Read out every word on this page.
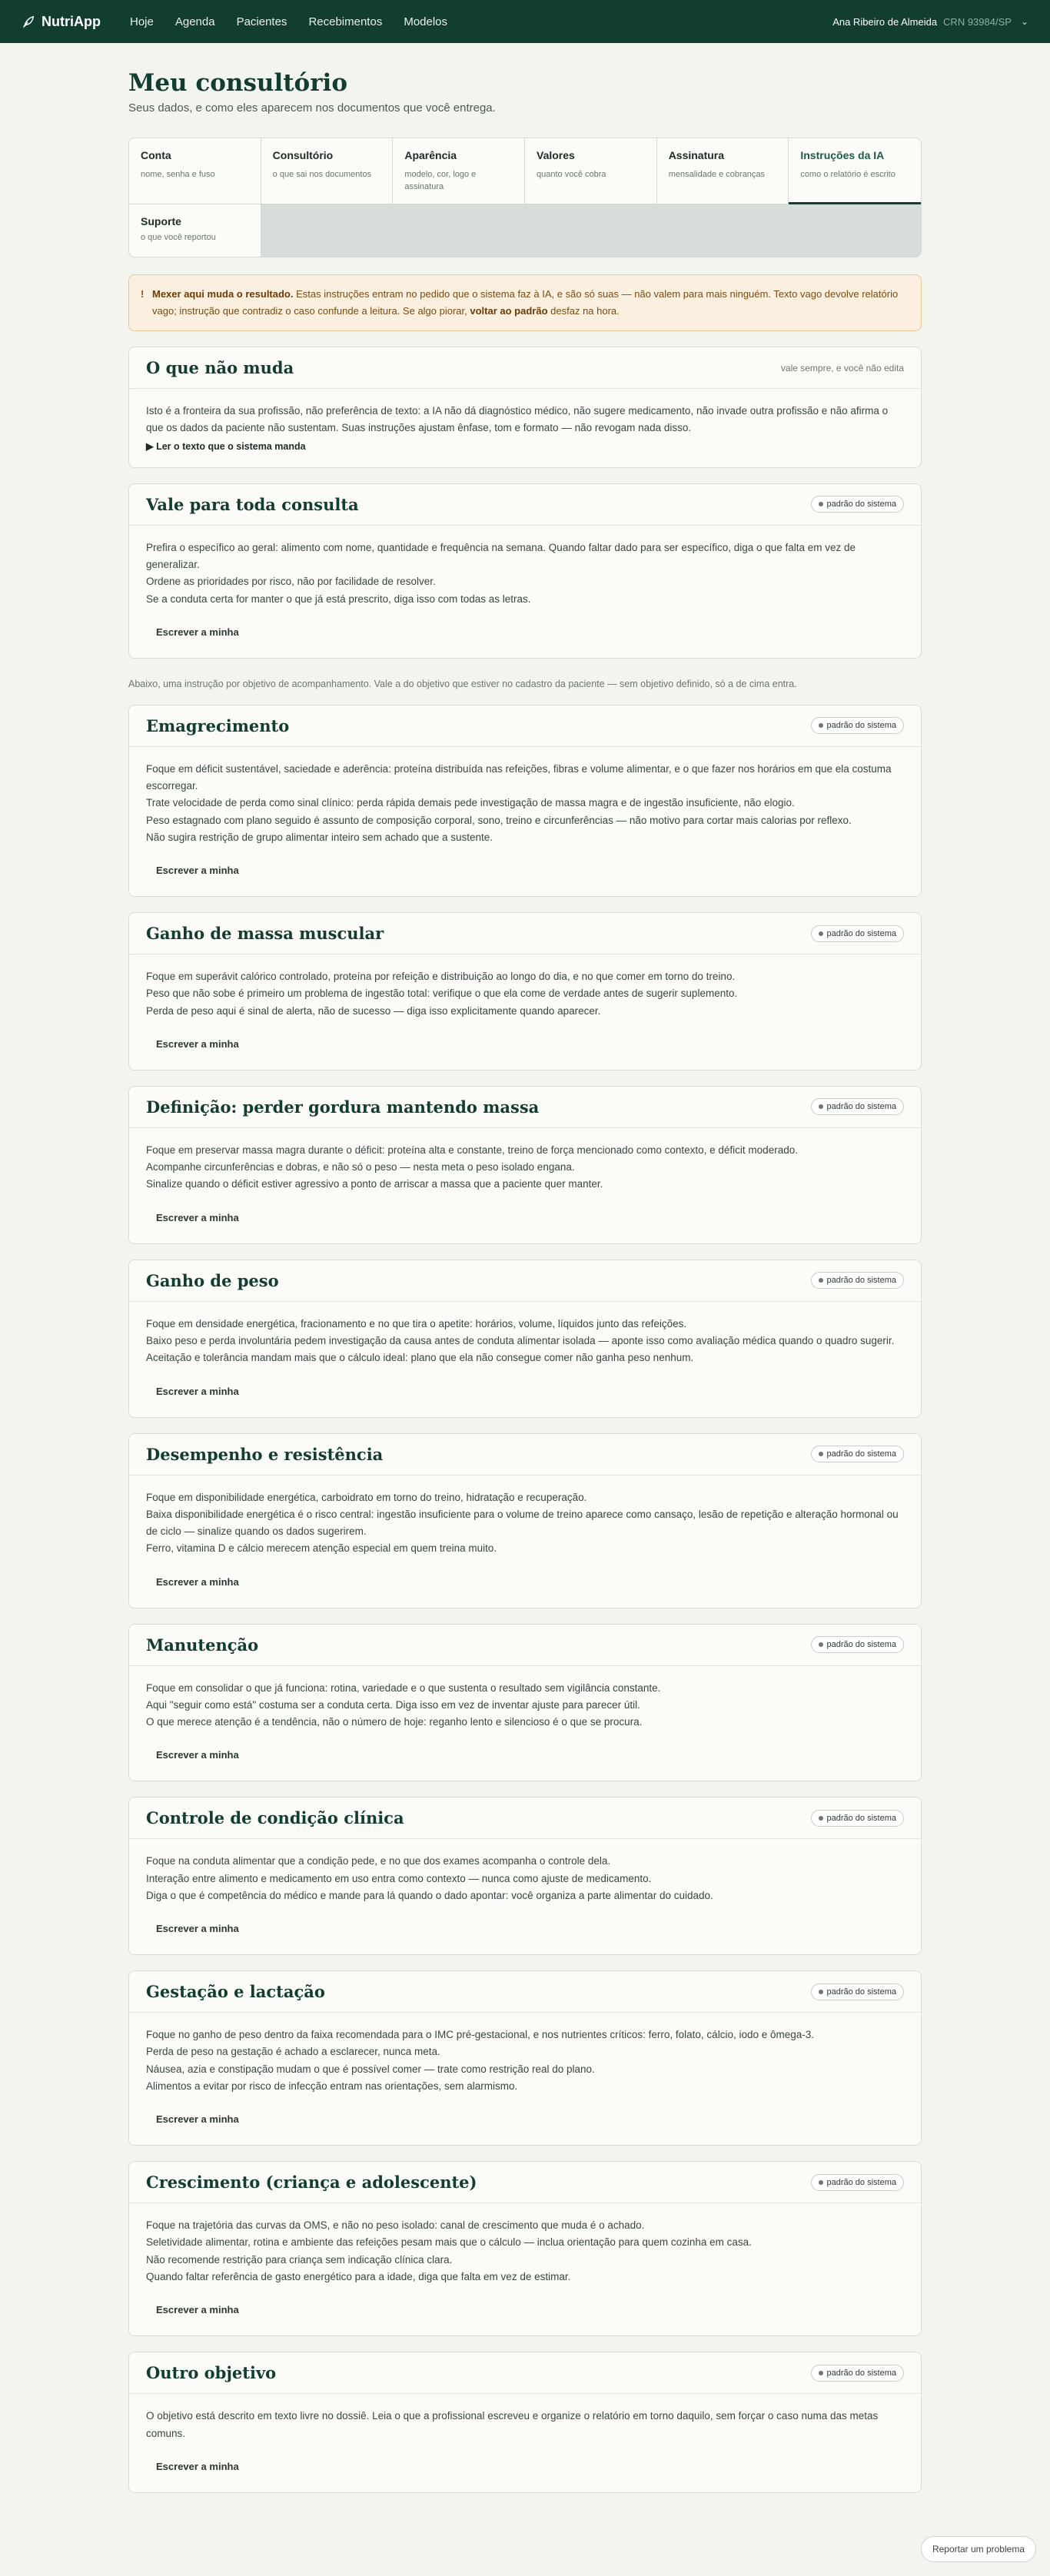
NutriApp	Hoje Agenda Pacientes Recebimentos Modelos	Ana Ribeiro de Almeida CRN 93984/SP ⌄
Meu consultório

Seus dados, e como eles aparecem nos documentos que você entrega.

Conta
nome, senha e fuso
Consultório
o que sai nos documentos
Aparência
modelo, cor, logo e assinatura
Valores
quanto você cobra
Assinatura
mensalidade e cobranças
Instruções da IA
como o relatório é escrito
Suporte
o que você reportou
! Mexer aqui muda o resultado. Estas instruções entram no pedido que o sistema faz à IA, e são só suas — não valem para mais ninguém. Texto vago devolve relatório vago; instrução que contradiz o caso confunde a leitura. Se algo piorar, voltar ao padrão desfaz na hora.
O que não muda	vale sempre, e você não edita

Isto é a fronteira da sua profissão, não preferência de texto: a IA não dá diagnóstico médico, não sugere medicamento, não invade outra profissão e não afirma o que os dados da paciente não sustentam. Suas instruções ajustam ênfase, tom e formato — não revogam nada disso.

▶ Ler o texto que o sistema manda
Vale para toda consulta	padrão do sistema

Prefira o específico ao geral: alimento com nome, quantidade e frequência na semana. Quando faltar dado para ser específico, diga o que falta em vez de generalizar.

Ordene as prioridades por risco, não por facilidade de resolver.

Se a conduta certa for manter o que já está prescrito, diga isso com todas as letras.

Escrever a minha

Abaixo, uma instrução por objetivo de acompanhamento. Vale a do objetivo que estiver no cadastro da paciente — sem objetivo definido, só a de cima entra.

Emagrecimento	padrão do sistema

Foque em déficit sustentável, saciedade e aderência: proteína distribuída nas refeições, fibras e volume alimentar, e o que fazer nos horários em que ela costuma escorregar.

Trate velocidade de perda como sinal clínico: perda rápida demais pede investigação de massa magra e de ingestão insuficiente, não elogio.

Peso estagnado com plano seguido é assunto de composição corporal, sono, treino e circunferências — não motivo para cortar mais calorias por reflexo.

Não sugira restrição de grupo alimentar inteiro sem achado que a sustente.

Escrever a minha
Ganho de massa muscular	padrão do sistema

Foque em superávit calórico controlado, proteína por refeição e distribuição ao longo do dia, e no que comer em torno do treino.

Peso que não sobe é primeiro um problema de ingestão total: verifique o que ela come de verdade antes de sugerir suplemento.

Perda de peso aqui é sinal de alerta, não de sucesso — diga isso explicitamente quando aparecer.

Escrever a minha
Definição: perder gordura mantendo massa	padrão do sistema

Foque em preservar massa magra durante o déficit: proteína alta e constante, treino de força mencionado como contexto, e déficit moderado.

Acompanhe circunferências e dobras, e não só o peso — nesta meta o peso isolado engana.

Sinalize quando o déficit estiver agressivo a ponto de arriscar a massa que a paciente quer manter.

Escrever a minha
Ganho de peso	padrão do sistema

Foque em densidade energética, fracionamento e no que tira o apetite: horários, volume, líquidos junto das refeições.

Baixo peso e perda involuntária pedem investigação da causa antes de conduta alimentar isolada — aponte isso como avaliação médica quando o quadro sugerir.

Aceitação e tolerância mandam mais que o cálculo ideal: plano que ela não consegue comer não ganha peso nenhum.

Escrever a minha
Desempenho e resistência	padrão do sistema

Foque em disponibilidade energética, carboidrato em torno do treino, hidratação e recuperação.

Baixa disponibilidade energética é o risco central: ingestão insuficiente para o volume de treino aparece como cansaço, lesão de repetição e alteração hormonal ou de ciclo — sinalize quando os dados sugerirem.

Ferro, vitamina D e cálcio merecem atenção especial em quem treina muito.

Escrever a minha
Manutenção	padrão do sistema

Foque em consolidar o que já funciona: rotina, variedade e o que sustenta o resultado sem vigilância constante.

Aqui "seguir como está" costuma ser a conduta certa. Diga isso em vez de inventar ajuste para parecer útil.

O que merece atenção é a tendência, não o número de hoje: reganho lento e silencioso é o que se procura.

Escrever a minha
Controle de condição clínica	padrão do sistema

Foque na conduta alimentar que a condição pede, e no que dos exames acompanha o controle dela.

Interação entre alimento e medicamento em uso entra como contexto — nunca como ajuste de medicamento.

Diga o que é competência do médico e mande para lá quando o dado apontar: você organiza a parte alimentar do cuidado.

Escrever a minha
Gestação e lactação	padrão do sistema

Foque no ganho de peso dentro da faixa recomendada para o IMC pré-gestacional, e nos nutrientes críticos: ferro, folato, cálcio, iodo e ômega-3.

Perda de peso na gestação é achado a esclarecer, nunca meta.

Náusea, azia e constipação mudam o que é possível comer — trate como restrição real do plano.

Alimentos a evitar por risco de infecção entram nas orientações, sem alarmismo.

Escrever a minha
Crescimento (criança e adolescente)	padrão do sistema

Foque na trajetória das curvas da OMS, e não no peso isolado: canal de crescimento que muda é o achado.

Seletividade alimentar, rotina e ambiente das refeições pesam mais que o cálculo — inclua orientação para quem cozinha em casa.

Não recomende restrição para criança sem indicação clínica clara.

Quando faltar referência de gasto energético para a idade, diga que falta em vez de estimar.

Escrever a minha
Outro objetivo	padrão do sistema

O objetivo está descrito em texto livre no dossiê. Leia o que a profissional escreveu e organize o relatório em torno daquilo, sem forçar o caso numa das metas comuns.

Escrever a minha
Reportar um problema
